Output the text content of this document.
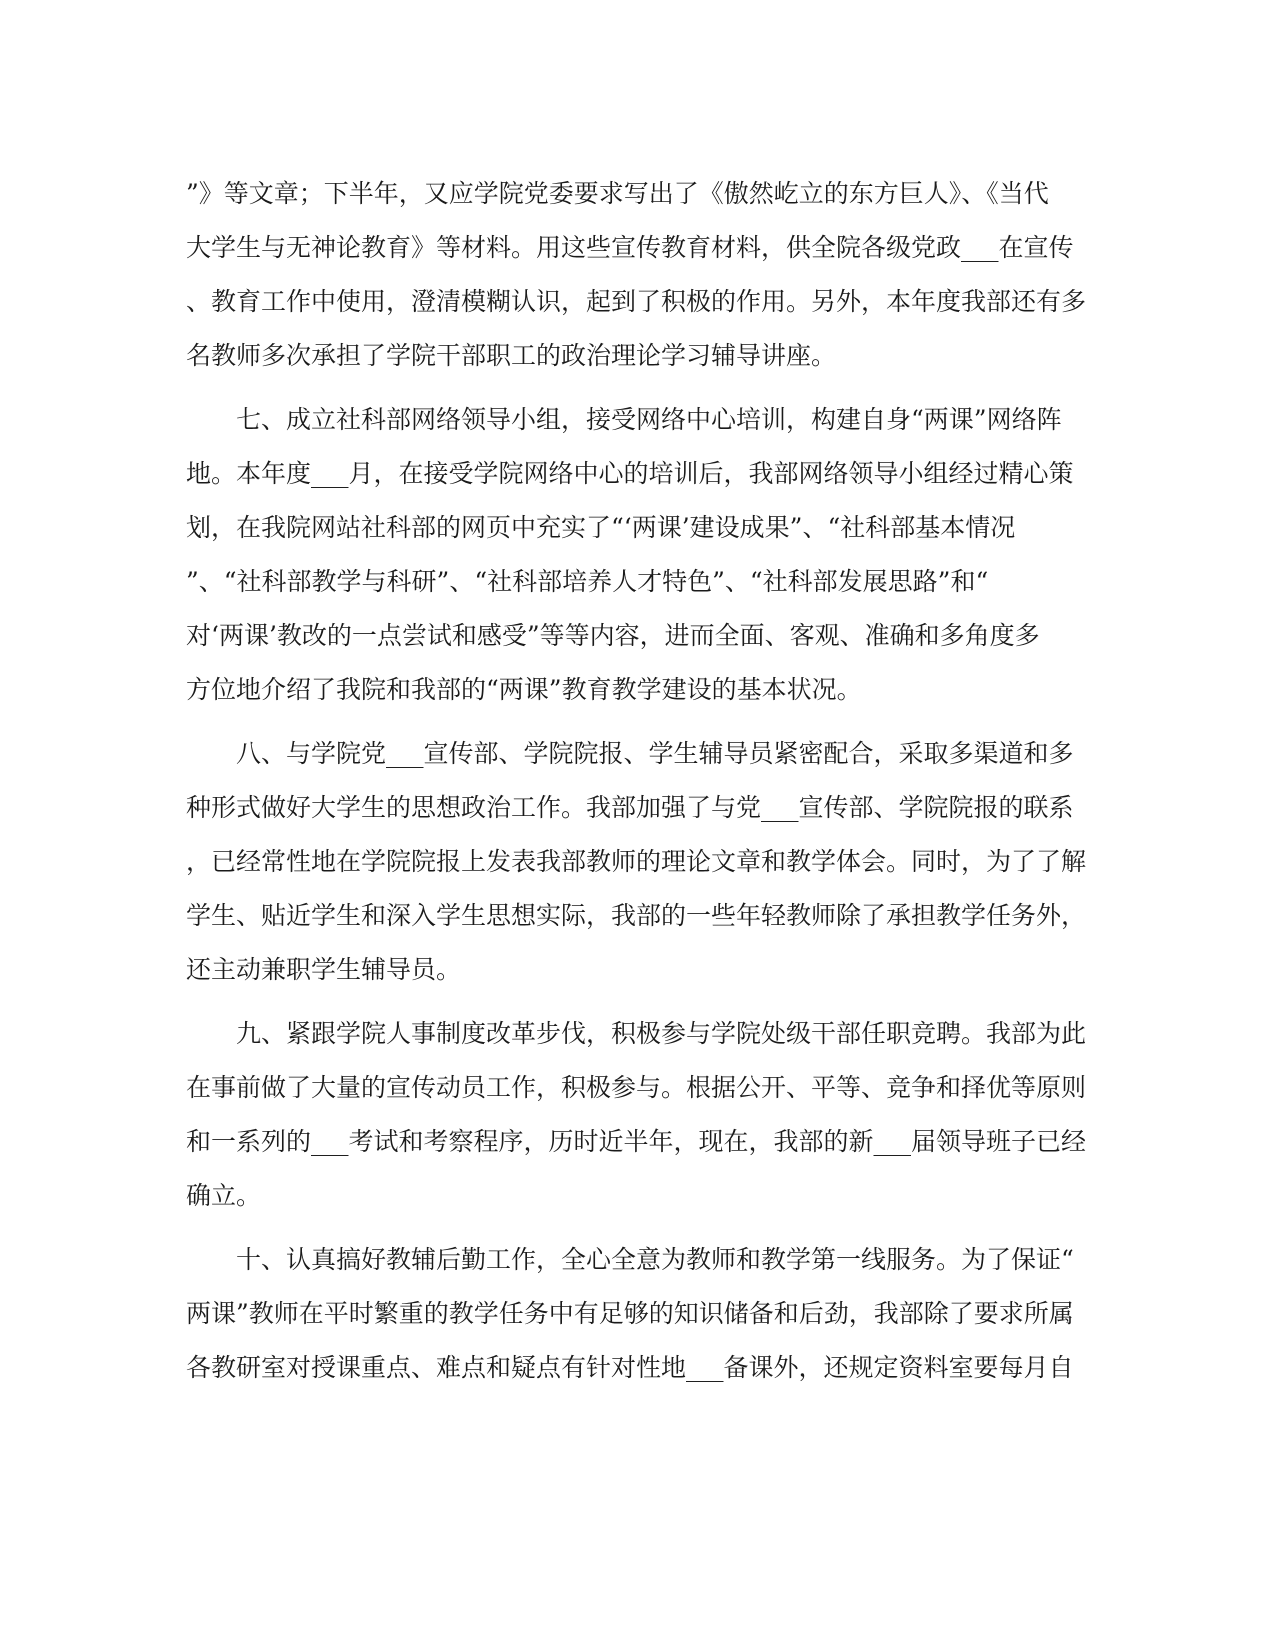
”》等文章；下半年，又应学院党委要求写出了《傲然屹立的东方巨人》、《当代
大学生与无神论教育》等材料。用这些宣传教育材料，供全院各级党政___在宣传
、教育工作中使用，澄清模糊认识，起到了积极的作用。另外，本年度我部还有多
名教师多次承担了学院干部职工的政治理论学习辅导讲座。
七、成立社科部网络领导小组，接受网络中心培训，构建自身“两课”网络阵
地。本年度___月，在接受学院网络中心的培训后，我部网络领导小组经过精心策
划，在我院网站社科部的网页中充实了“‘两课’建设成果”、“社科部基本情况
”、“社科部教学与科研”、“社科部培养人才特色”、“社科部发展思路”和“
对‘两课’教改的一点尝试和感受”等等内容，进而全面、客观、准确和多角度多
方位地介绍了我院和我部的“两课”教育教学建设的基本状况。
八、与学院党___宣传部、学院院报、学生辅导员紧密配合，采取多渠道和多
种形式做好大学生的思想政治工作。我部加强了与党___宣传部、学院院报的联系
，已经常性地在学院院报上发表我部教师的理论文章和教学体会。同时，为了了解
学生、贴近学生和深入学生思想实际，我部的一些年轻教师除了承担教学任务外，
还主动兼职学生辅导员。
九、紧跟学院人事制度改革步伐，积极参与学院处级干部任职竞聘。我部为此
在事前做了大量的宣传动员工作，积极参与。根据公开、平等、竞争和择优等原则
和一系列的___考试和考察程序，历时近半年，现在，我部的新___届领导班子已经
确立。
十、认真搞好教辅后勤工作，全心全意为教师和教学第一线服务。为了保证“
两课”教师在平时繁重的教学任务中有足够的知识储备和后劲，我部除了要求所属
各教研室对授课重点、难点和疑点有针对性地___备课外，还规定资料室要每月自
